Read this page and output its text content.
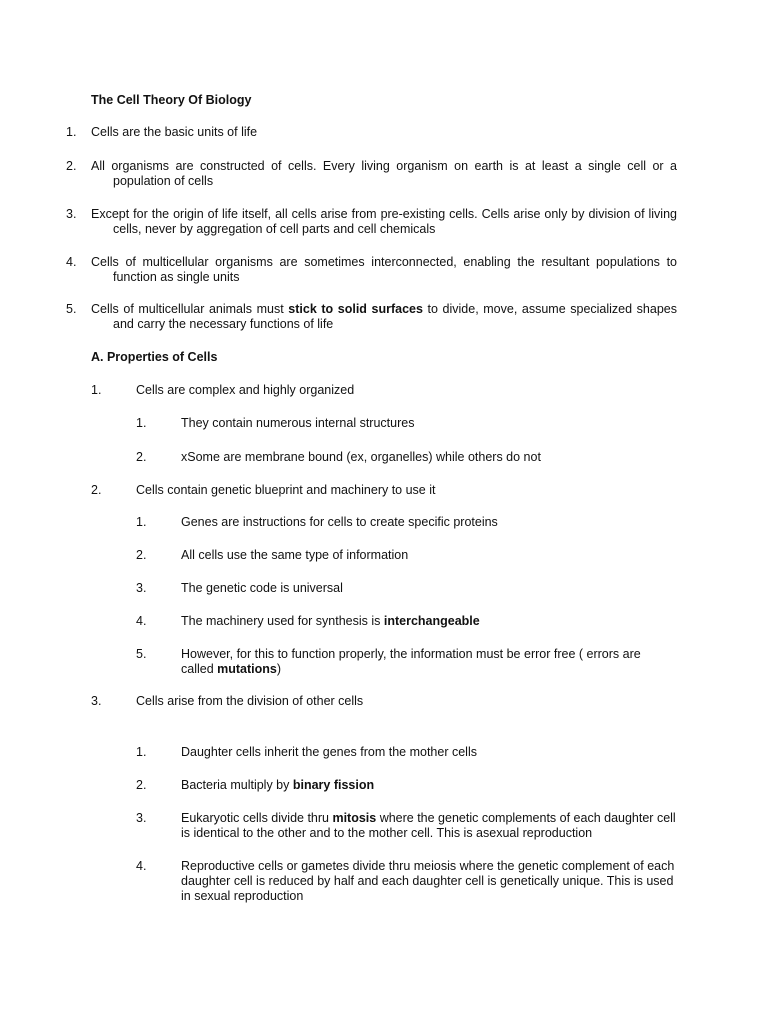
The Cell Theory Of Biology
1. Cells are the basic units of life
2. All organisms are constructed of cells. Every living organism on earth is at least a single cell or a
population of cells
3. Except for the origin of life itself, all cells arise from pre-existing cells. Cells arise only by division of living
cells, never by aggregation of cell parts and cell chemicals
4. Cells of multicellular organisms are sometimes interconnected, enabling the resultant populations to
function as single units
5. Cells of multicellular animals must stick to solid surfaces to divide, move, assume specialized shapes
and carry the necessary functions of life
A. Properties of Cells
1.	Cells are complex and highly organized
1.	They contain numerous internal structures
2.	xSome are membrane bound (ex, organelles) while others do not
2.	Cells contain genetic blueprint and machinery to use it
1.	Genes are instructions for cells to create specific proteins
2.	All cells use the same type of information
3.	The genetic code is universal
4.	The machinery used for synthesis is interchangeable
5.	However, for this to function properly, the information must be error free ( errors are
called mutations)
3.	Cells arise from the division of other cells
1.	Daughter cells inherit the genes from the mother cells
2.	Bacteria multiply by binary fission
3.	Eukaryotic cells divide thru mitosis where the genetic complements of each daughter cell
is identical to the other and to the mother cell. This is asexual reproduction
4.	Reproductive cells or gametes divide thru meiosis where the genetic complement of each
daughter cell is reduced by half and each daughter cell is genetically unique. This is used
in sexual reproduction
